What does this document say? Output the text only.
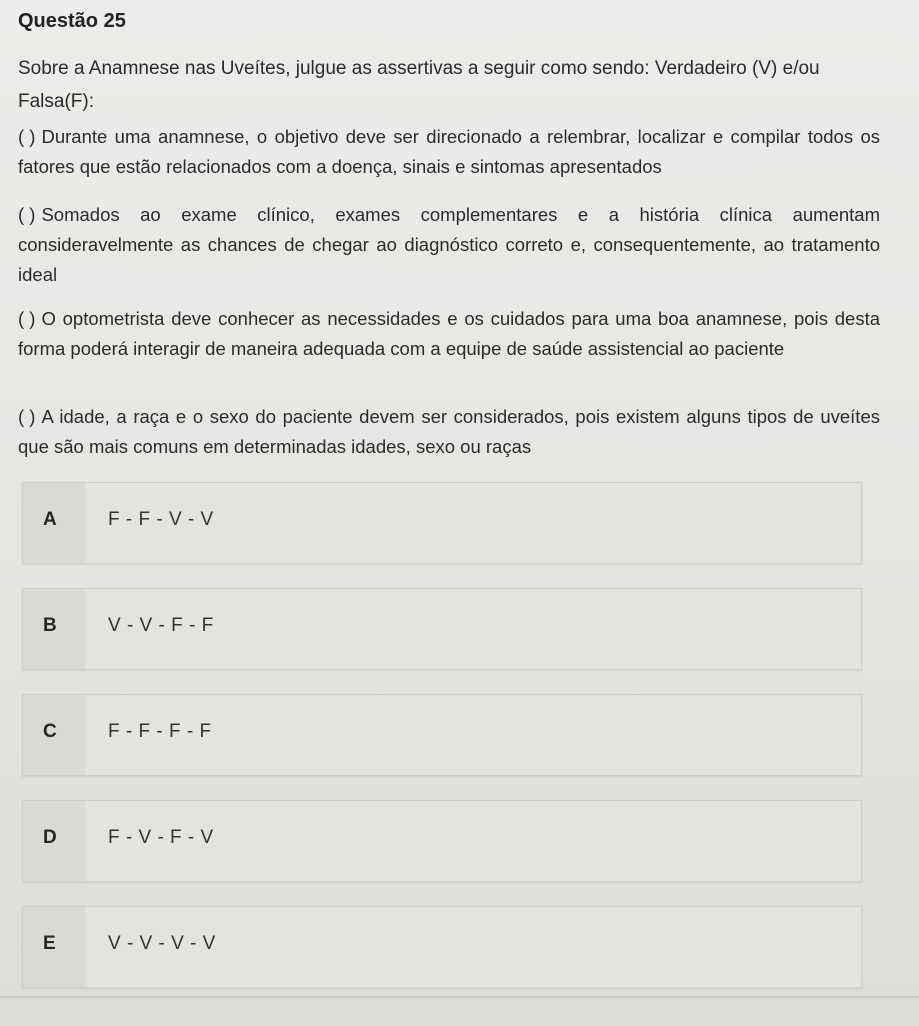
Questão 25
Sobre a Anamnese nas Uveítes, julgue as assertivas a seguir como sendo: Verdadeiro (V) e/ou Falsa(F):
( ) Durante uma anamnese, o objetivo deve ser direcionado a relembrar, localizar e compilar todos os fatores que estão relacionados com a doença, sinais e sintomas apresentados
( ) Somados ao exame clínico, exames complementares e a história clínica aumentam consideravelmente as chances de chegar ao diagnóstico correto e, consequentemente, ao tratamento ideal
( ) O optometrista deve conhecer as necessidades e os cuidados para uma boa anamnese, pois desta forma poderá interagir de maneira adequada com a equipe de saúde assistencial ao paciente
( ) A idade, a raça e o sexo do paciente devem ser considerados, pois existem alguns tipos de uveítes que são mais comuns em determinadas idades, sexo ou raças
A	F - F - V - V
B	V - V - F - F
C	F - F - F - F
D	F - V - F - V
E	V - V - V - V
